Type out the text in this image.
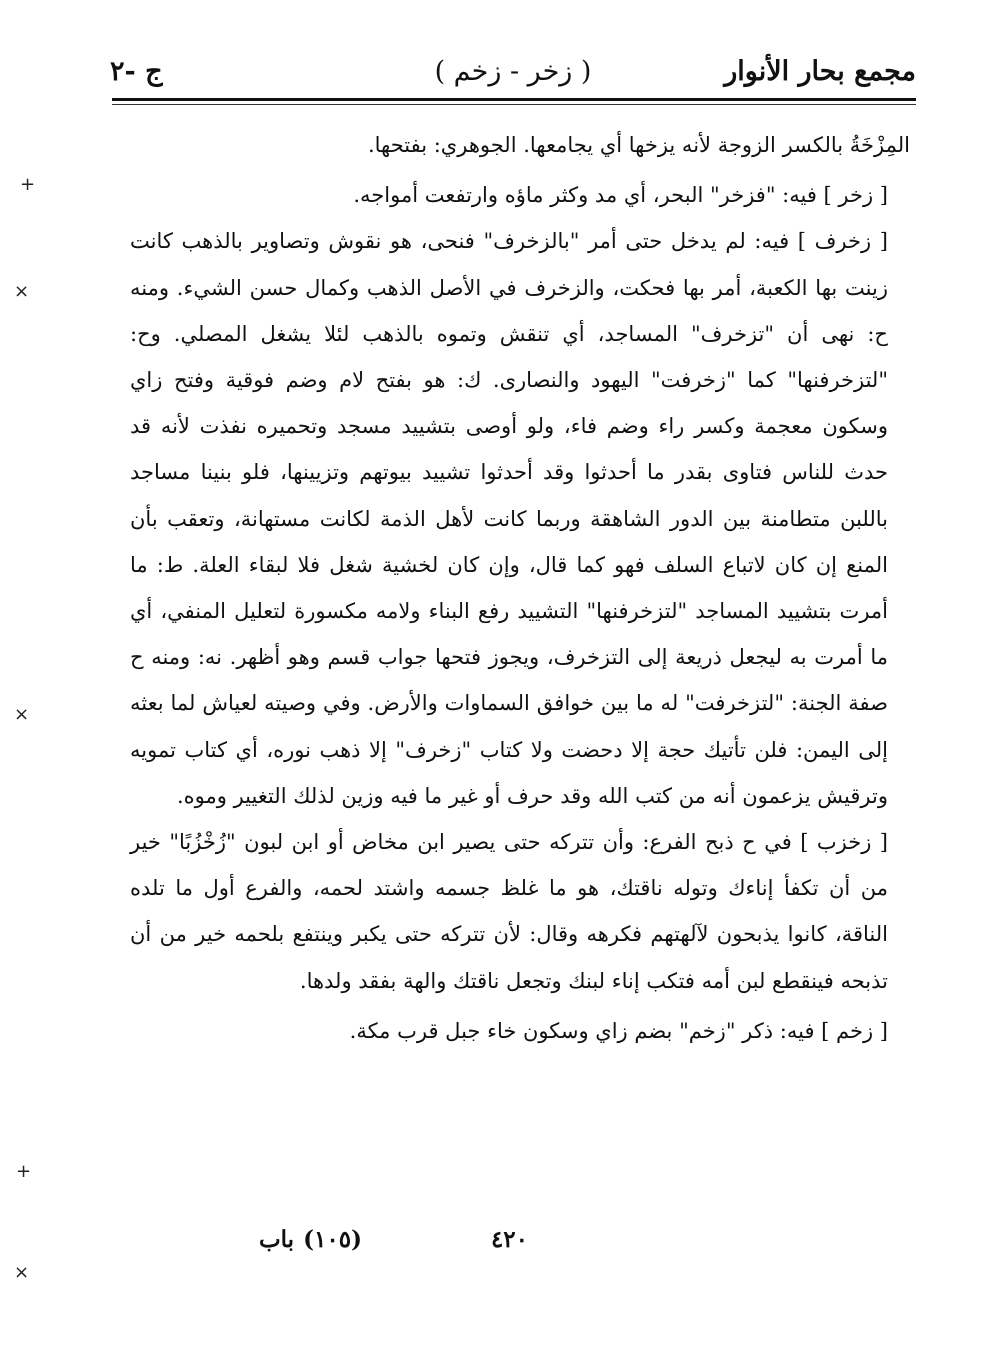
مجمع بحار الأنوار
( زخر - زخم )
ج -٢

المِزْخَةُ بالكسر الزوجة لأنه يزخها أي يجامعها. الجوهري: بفتحها.

[ زخر ] فيه: "فزخر" البحر، أي مد وكثر ماؤه وارتفعت أمواجه.

[ زخرف ] فيه: لم يدخل حتى أمر "بالزخرف" فنحى، هو نقوش وتصاوير بالذهب كانت زينت بها الكعبة، أمر بها فحكت، والزخرف في الأصل الذهب وكمال حسن الشيء. ومنه ح: نهى أن "تزخرف" المساجد، أي تنقش وتموه بالذهب لئلا يشغل المصلي. وح: "لتزخرفنها" كما "زخرفت" اليهود والنصارى. ك: هو بفتح لام وضم فوقية وفتح زاي وسكون معجمة وكسر راء وضم فاء، ولو أوصى بتشييد مسجد وتحميره نفذت لأنه قد حدث للناس فتاوى بقدر ما أحدثوا وقد أحدثوا تشييد بيوتهم وتزيينها، فلو بنينا مساجد باللبن متطامنة بين الدور الشاهقة وربما كانت لأهل الذمة لكانت مستهانة، وتعقب بأن المنع إن كان لاتباع السلف فهو كما قال، وإن كان لخشية شغل فلا لبقاء العلة. ط: ما أمرت بتشييد المساجد "لتزخرفنها" التشييد رفع البناء ولامه مكسورة لتعليل المنفي، أي ما أمرت به ليجعل ذريعة إلى التزخرف، ويجوز فتحها جواب قسم وهو أظهر. نه: ومنه ح صفة الجنة: "لتزخرفت" له ما بين خوافق السماوات والأرض. وفي وصيته لعياش لما بعثه إلى اليمن: فلن تأتيك حجة إلا دحضت ولا كتاب "زخرف" إلا ذهب نوره، أي كتاب تمويه وترقيش يزعمون أنه من كتب الله وقد حرف أو غير ما فيه وزين لذلك التغيير وموه.

[ زخزب ] في ح ذبح الفرع: وأن تتركه حتى يصير ابن مخاض أو ابن لبون "زُخْزُبًا" خير من أن تكفأ إناءك وتوله ناقتك، هو ما غلظ جسمه واشتد لحمه، والفرع أول ما تلده الناقة، كانوا يذبحون لآلهتهم فكرهه وقال: لأن تتركه حتى يكبر وينتفع بلحمه خير من أن تذبحه فينقطع لبن أمه فتكب إناء لبنك وتجعل ناقتك والهة بفقد ولدها.

[ زخم ] فيه: ذكر "زخم" بضم زاي وسكون خاء جبل قرب مكة.

٤٢٠
(١٠٥)
باب
+
×
×
+
×
